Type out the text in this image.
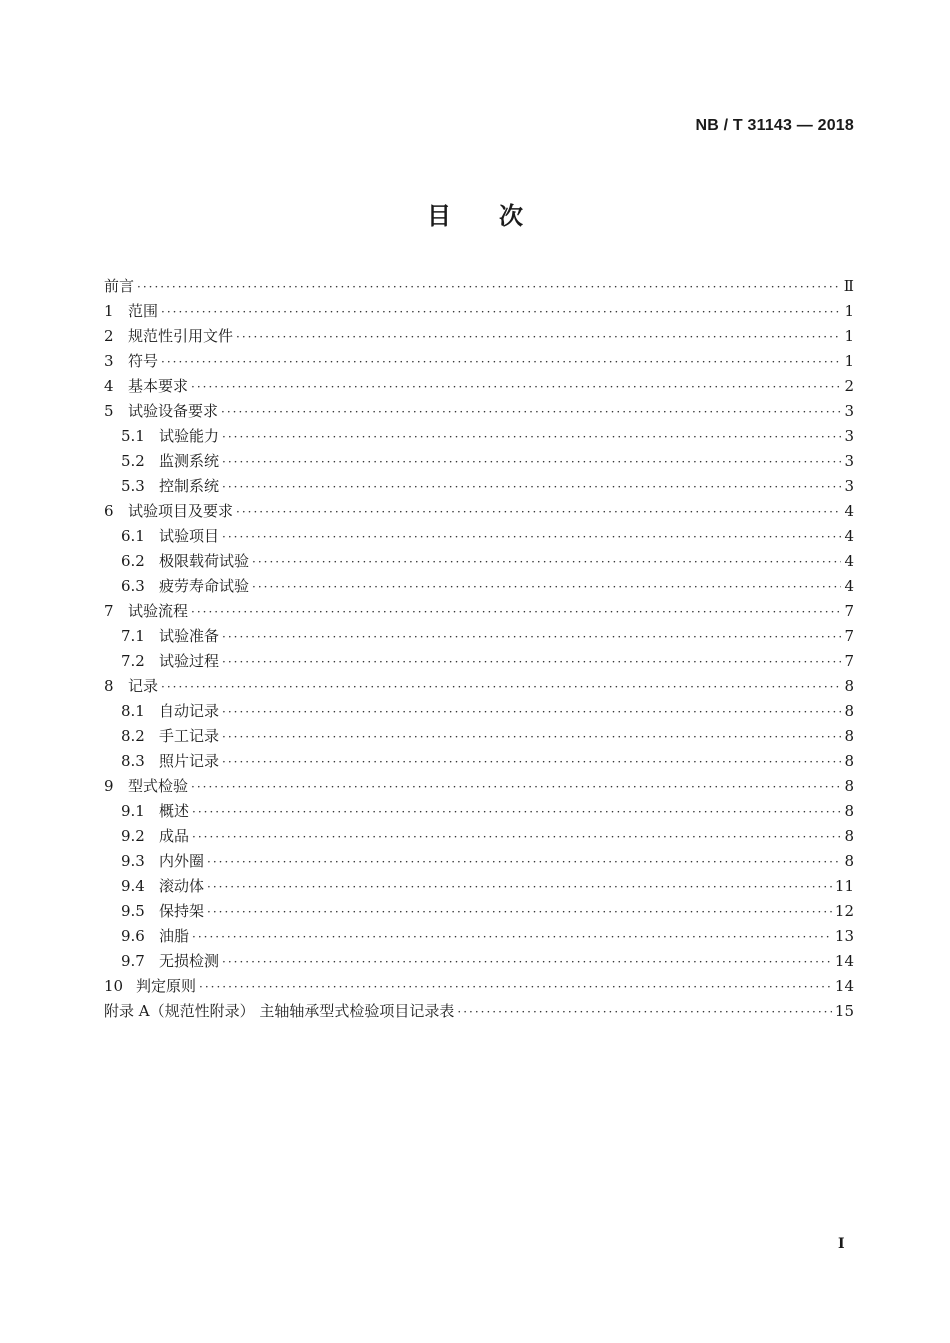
NB / T 31143 — 2018
目次
前言 ·····	Ⅱ
1 范围 ·····	1
2 规范性引用文件 ·····	1
3 符号 ·····	1
4 基本要求 ·····	2
5 试验设备要求 ·····	3
5.1 试验能力 ·····	3
5.2 监测系统 ·····	3
5.3 控制系统 ·····	3
6 试验项目及要求 ·····	4
6.1 试验项目 ·····	4
6.2 极限载荷试验 ·····	4
6.3 疲劳寿命试验 ·····	4
7 试验流程 ·····	7
7.1 试验准备 ·····	7
7.2 试验过程 ·····	7
8 记录 ·····	8
8.1 自动记录 ·····	8
8.2 手工记录 ·····	8
8.3 照片记录 ·····	8
9 型式检验 ·····	8
9.1 概述 ·····	8
9.2 成品 ·····	8
9.3 内外圈 ·····	8
9.4 滚动体 ·····	11
9.5 保持架 ·····	12
9.6 油脂 ·····	13
9.7 无损检测 ·····	14
10 判定原则 ·····	14
附录 A（规范性附录） 主轴轴承型式检验项目记录表 ·····	15
I
